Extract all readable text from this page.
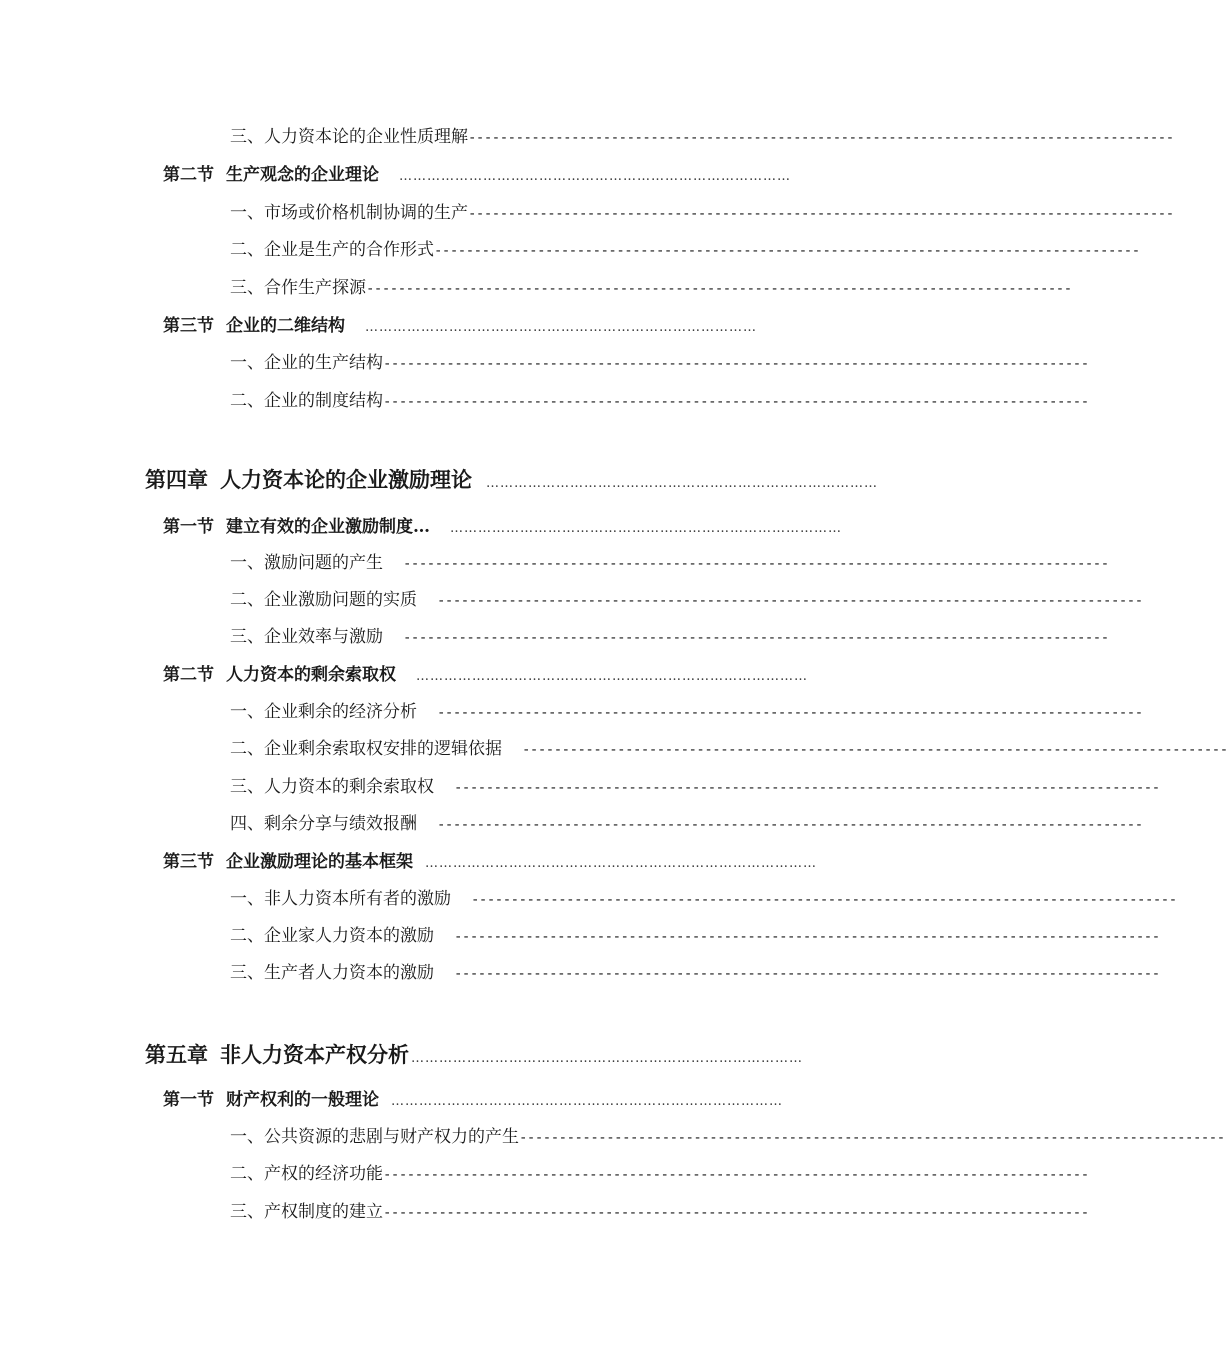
三、人力资本论的企业性质理解 -----------------------------------------------------------------------------------------
第二节 生产观念的企业理论 …………………………………………………………………………
一、市场或价格机制协调的生产 -----------------------------------------------------------------------------------------
二、企业是生产的合作形式 -----------------------------------------------------------------------------------------
三、合作生产探源 -----------------------------------------------------------------------------------------
第三节 企业的二维结构 …………………………………………………………………………
一、企业的生产结构 -----------------------------------------------------------------------------------------
二、企业的制度结构 -----------------------------------------------------------------------------------------
第四章 人力资本论的企业激励理论 …………………………………………………………………………
第一节 建立有效的企业激励制度… …………………………………………………………………………
一、激励问题的产生 -----------------------------------------------------------------------------------------
二、企业激励问题的实质 -----------------------------------------------------------------------------------------
三、企业效率与激励 -----------------------------------------------------------------------------------------
第二节 人力资本的剩余索取权 …………………………………………………………………………
一、企业剩余的经济分析 -----------------------------------------------------------------------------------------
二、企业剩余索取权安排的逻辑依据 -----------------------------------------------------------------------------------------
三、人力资本的剩余索取权 -----------------------------------------------------------------------------------------
四、剩余分享与绩效报酬 -----------------------------------------------------------------------------------------
第三节 企业激励理论的基本框架 …………………………………………………………………………
一、非人力资本所有者的激励 -----------------------------------------------------------------------------------------
二、企业家人力资本的激励 -----------------------------------------------------------------------------------------
三、生产者人力资本的激励 -----------------------------------------------------------------------------------------
第五章 非人力资本产权分析 …………………………………………………………………………
第一节 财产权利的一般理论 …………………………………………………………………………
一、公共资源的悲剧与财产权力的产生 -----------------------------------------------------------------------------------------
二、产权的经济功能 -----------------------------------------------------------------------------------------
三、产权制度的建立 -----------------------------------------------------------------------------------------
